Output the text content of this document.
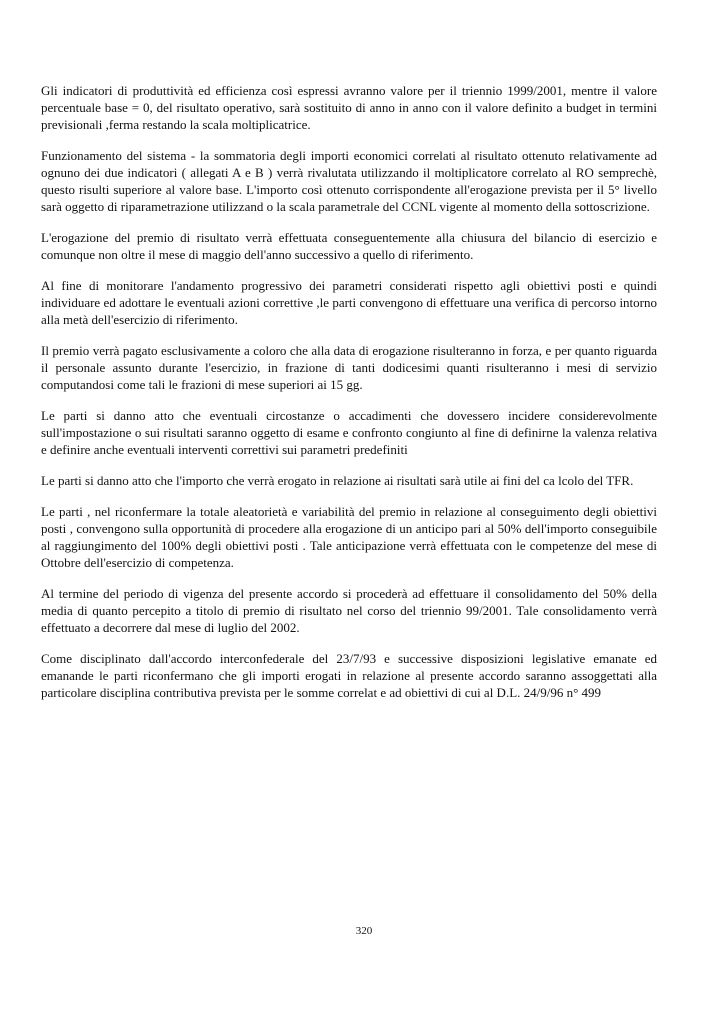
Gli indicatori di produttività ed efficienza così espressi avranno valore per il triennio 1999/2001, mentre il valore percentuale base = 0, del risultato operativo, sarà sostituito di anno in anno con il valore definito a budget in termini previsionali ,ferma restando la scala moltiplicatrice.

Funzionamento del sistema - la sommatoria degli importi economici correlati al risultato ottenuto relativamente ad ognuno dei due indicatori ( allegati A e B ) verrà rivalutata utilizzando il moltiplicatore correlato al RO semprechè, questo risulti superiore al valore base. L'importo così ottenuto corrispondente all'erogazione prevista per il 5° livello sarà oggetto di riparametrazione utilizzand o la scala parametrale del CCNL vigente al momento della sottoscrizione.

L'erogazione del premio di risultato verrà effettuata conseguentemente alla chiusura del bilancio di esercizio e comunque non oltre il mese di maggio dell'anno successivo a quello di riferimento.

Al fine di monitorare l'andamento progressivo dei parametri considerati rispetto agli obiettivi posti e quindi individuare ed adottare le eventuali azioni correttive ,le parti convengono di effettuare una verifica di percorso intorno alla metà dell'esercizio di riferimento.

Il premio verrà pagato esclusivamente a coloro che alla data di erogazione risulteranno in forza, e per quanto riguarda il personale assunto durante l'esercizio, in frazione di tanti dodicesimi quanti risulteranno i mesi di servizio computandosi come tali le frazioni di mese superiori ai 15 gg.

Le parti si danno atto che eventuali circostanze o accadimenti che dovessero incidere considerevolmente sull'impostazione o sui risultati saranno oggetto di esame e confronto congiunto al fine di definirne la valenza relativa e definire anche eventuali interventi correttivi sui parametri predefiniti

Le parti si danno atto che l'importo che verrà erogato in relazione ai risultati sarà utile ai fini del ca lcolo del TFR.

Le parti , nel riconfermare la totale aleatorietà e variabilità del premio in relazione al conseguimento degli obiettivi posti , convengono sulla opportunità di procedere alla erogazione di un anticipo pari al 50% dell'importo conseguibile al raggiungimento del 100% degli obiettivi posti . Tale anticipazione verrà effettuata con le competenze del mese di Ottobre dell'esercizio di competenza.

Al termine del periodo di vigenza del presente accordo si procederà ad effettuare il consolidamento del 50% della media di quanto percepito a titolo di premio di risultato nel corso del triennio 99/2001. Tale consolidamento verrà effettuato a decorrere dal mese di luglio del 2002.

Come disciplinato dall'accordo interconfederale del 23/7/93 e successive disposizioni legislative emanate ed emanande le parti riconfermano che gli importi erogati in relazione al presente accordo saranno assoggettati alla particolare disciplina contributiva prevista per le somme correlat e ad obiettivi di cui al D.L. 24/9/96 n° 499

320
